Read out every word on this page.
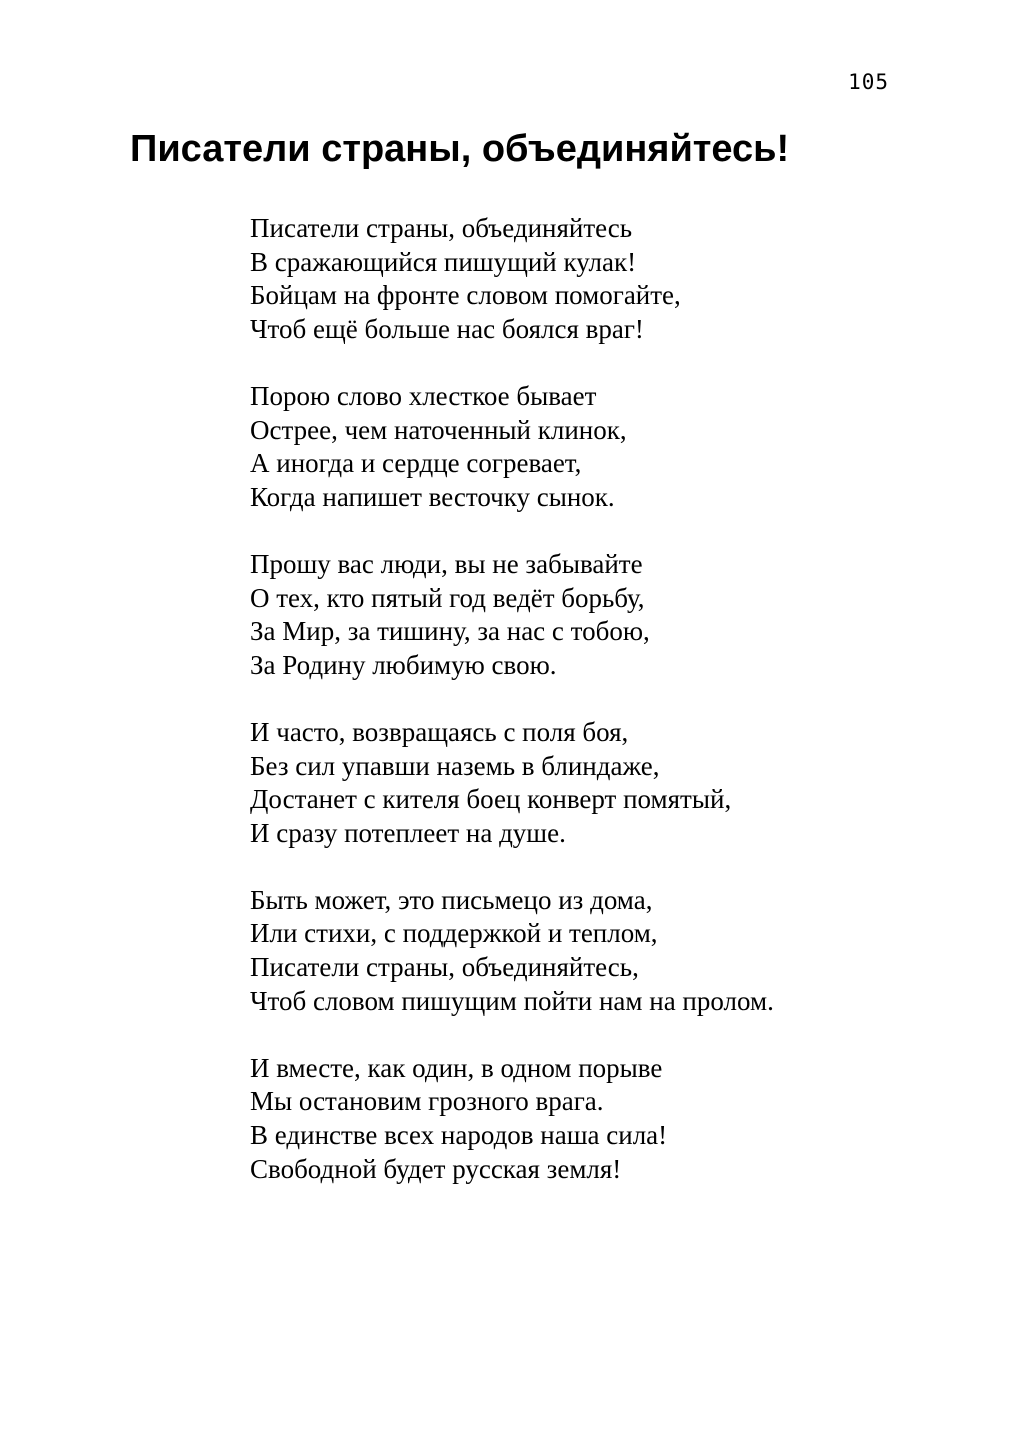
105
Писатели страны, объединяйтесь!

Писатели страны, объединяйтесь
В сражающийся пишущий кулак!
Бойцам на фронте словом помогайте,
Чтоб ещё больше нас боялся враг!

Порою слово хлесткое бывает
Острее, чем наточенный клинок,
А иногда и сердце согревает,
Когда напишет весточку сынок.

Прошу вас люди, вы не забывайте
О тех, кто пятый год ведёт борьбу,
За Мир, за тишину, за нас с тобою,
За Родину любимую свою.

И часто, возвращаясь с поля боя,
Без сил упавши наземь в блиндаже,
Достанет с кителя боец конверт помятый,
И сразу потеплеет на душе.

Быть может, это письмецо из дома,
Или стихи, с поддержкой и теплом,
Писатели страны, объединяйтесь,
Чтоб словом пишущим пойти нам на пролом.

И вместе, как один, в одном порыве
Мы остановим грозного врага.
В единстве всех народов наша сила!
Свободной будет русская земля!
